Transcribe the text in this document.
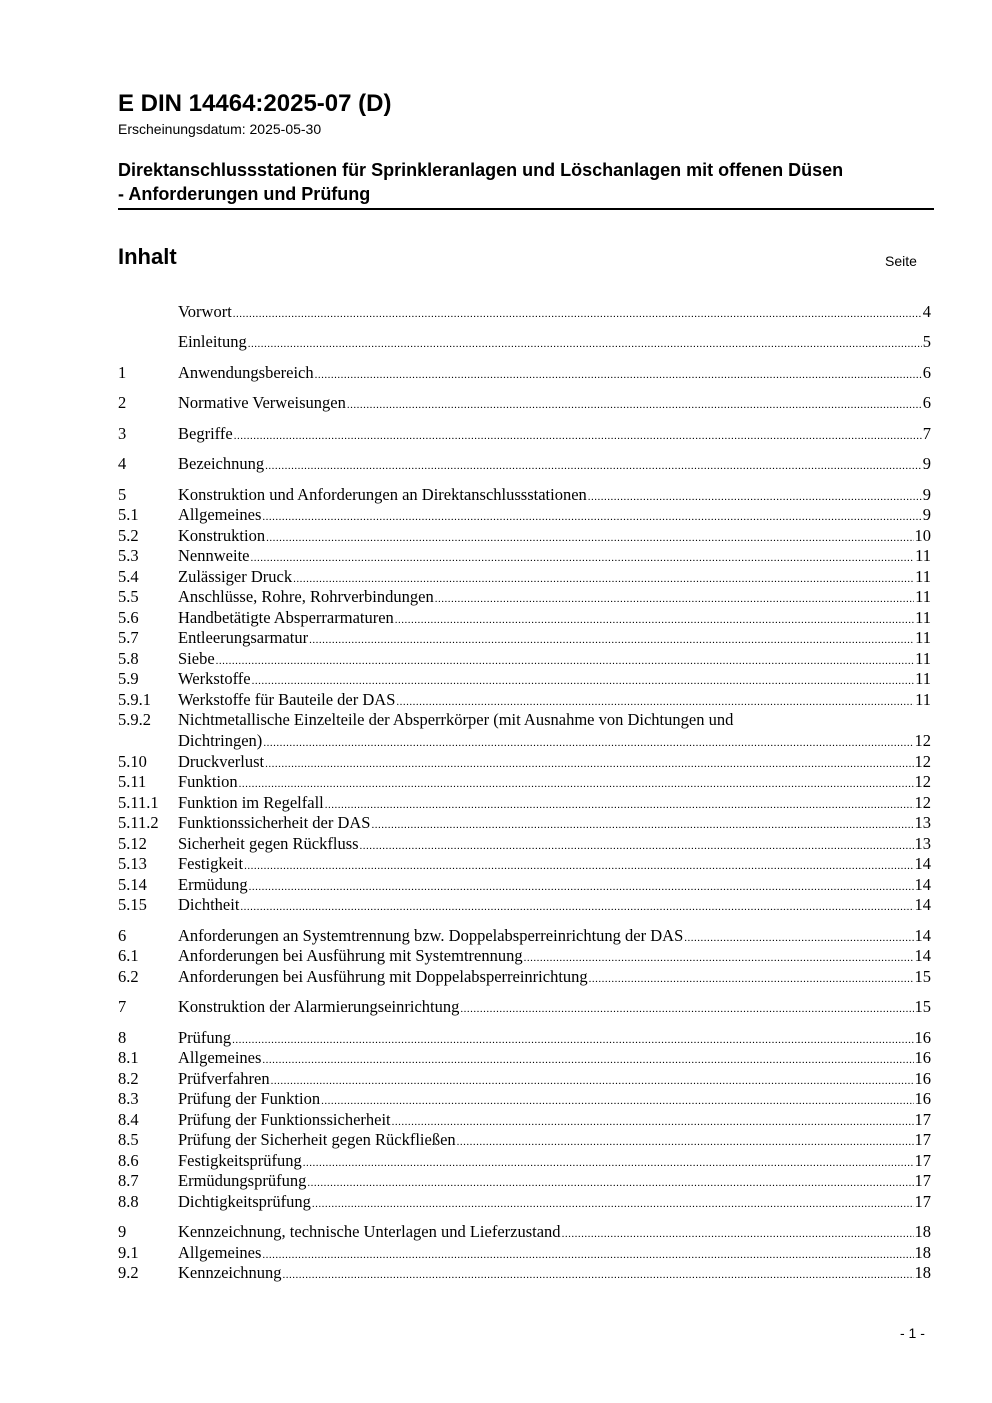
E DIN 14464:2025-07 (D)
Erscheinungsdatum: 2025-05-30
Direktanschlussstationen für Sprinkleranlagen und Löschanlagen mit offenen Düsen
- Anforderungen und Prüfung
Inhalt	Seite
Vorwort .....	4
Einleitung .....	5
1	Anwendungsbereich .....	6
2	Normative Verweisungen .....	6
3	Begriffe .....	7
4	Bezeichnung .....	9
5	Konstruktion und Anforderungen an Direktanschlussstationen .....	9
5.1	Allgemeines .....	9
5.2	Konstruktion .....	10
5.3	Nennweite .....	11
5.4	Zulässiger Druck .....	11
5.5	Anschlüsse, Rohre, Rohrverbindungen .....	11
5.6	Handbetätigte Absperrarmaturen .....	11
5.7	Entleerungsarmatur .....	11
5.8	Siebe .....	11
5.9	Werkstoffe .....	11
5.9.1	Werkstoffe für Bauteile der DAS .....	11
5.9.2	Nichtmetallische Einzelteile der Absperrkörper (mit Ausnahme von Dichtungen und
Dichtringen) .....	12
5.10	Druckverlust .....	12
5.11	Funktion .....	12
5.11.1	Funktion im Regelfall .....	12
5.11.2	Funktionssicherheit der DAS .....	13
5.12	Sicherheit gegen Rückfluss .....	13
5.13	Festigkeit .....	14
5.14	Ermüdung .....	14
5.15	Dichtheit .....	14
6	Anforderungen an Systemtrennung bzw. Doppelabsperreinrichtung der DAS .....	14
6.1	Anforderungen bei Ausführung mit Systemtrennung .....	14
6.2	Anforderungen bei Ausführung mit Doppelabsperreinrichtung .....	15
7	Konstruktion der Alarmierungseinrichtung .....	15
8	Prüfung .....	16
8.1	Allgemeines .....	16
8.2	Prüfverfahren .....	16
8.3	Prüfung der Funktion .....	16
8.4	Prüfung der Funktionssicherheit .....	17
8.5	Prüfung der Sicherheit gegen Rückfließen .....	17
8.6	Festigkeitsprüfung .....	17
8.7	Ermüdungsprüfung .....	17
8.8	Dichtigkeitsprüfung .....	17
9	Kennzeichnung, technische Unterlagen und Lieferzustand .....	18
9.1	Allgemeines .....	18
9.2	Kennzeichnung .....	18
- 1 -
